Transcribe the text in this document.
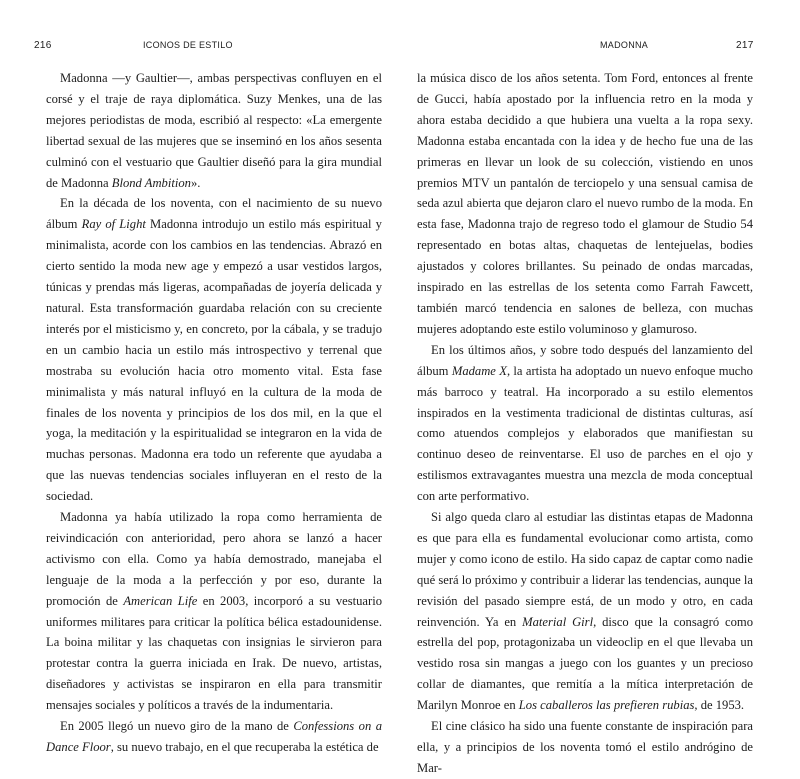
216	ICONOS DE ESTILO

Madonna —y Gaultier—, ambas perspectivas confluyen en el corsé y el traje de raya diplomática. Suzy Menkes, una de las mejores periodistas de moda, escribió al respecto: «La emergente libertad sexual de las mujeres que se inseminó en los años sesenta culminó con el vestuario que Gaultier diseñó para la gira mundial de Madonna Blond Ambition».

En la década de los noventa, con el nacimiento de su nuevo álbum Ray of Light Madonna introdujo un estilo más espiritual y minimalista, acorde con los cambios en las tendencias. Abrazó en cierto sentido la moda new age y empezó a usar vestidos largos, túnicas y prendas más ligeras, acompañadas de joyería delicada y natural. Esta transformación guardaba relación con su creciente interés por el misticismo y, en concreto, por la cábala, y se tradujo en un cambio hacia un estilo más introspectivo y terrenal que mostraba su evolución hacia otro momento vital. Esta fase minimalista y más natural influyó en la cultura de la moda de finales de los noventa y principios de los dos mil, en la que el yoga, la meditación y la espiritualidad se integraron en la vida de muchas personas. Madonna era todo un referente que ayudaba a que las nuevas tendencias sociales influyeran en el resto de la sociedad.

Madonna ya había utilizado la ropa como herramienta de reivindicación con anterioridad, pero ahora se lanzó a hacer activismo con ella. Como ya había demostrado, manejaba el lenguaje de la moda a la perfección y por eso, durante la promoción de American Life en 2003, incorporó a su vestuario uniformes militares para criticar la política bélica estadounidense. La boina militar y las chaquetas con insignias le sirvieron para protestar contra la guerra iniciada en Irak. De nuevo, artistas, diseñadores y activistas se inspiraron en ella para transmitir mensajes sociales y políticos a través de la indumentaria.

En 2005 llegó un nuevo giro de la mano de Confessions on a Dance Floor, su nuevo trabajo, en el que recuperaba la estética de

MADONNA	217

la música disco de los años setenta. Tom Ford, entonces al frente de Gucci, había apostado por la influencia retro en la moda y ahora estaba decidido a que hubiera una vuelta a la ropa sexy. Madonna estaba encantada con la idea y de hecho fue una de las primeras en llevar un look de su colección, vistiendo en unos premios MTV un pantalón de terciopelo y una sensual camisa de seda azul abierta que dejaron claro el nuevo rumbo de la moda. En esta fase, Madonna trajo de regreso todo el glamour de Studio 54 representado en botas altas, chaquetas de lentejuelas, bodies ajustados y colores brillantes. Su peinado de ondas marcadas, inspirado en las estrellas de los setenta como Farrah Fawcett, también marcó tendencia en salones de belleza, con muchas mujeres adoptando este estilo voluminoso y glamuroso.

En los últimos años, y sobre todo después del lanzamiento del álbum Madame X, la artista ha adoptado un nuevo enfoque mucho más barroco y teatral. Ha incorporado a su estilo elementos inspirados en la vestimenta tradicional de distintas culturas, así como atuendos complejos y elaborados que manifiestan su continuo deseo de reinventarse. El uso de parches en el ojo y estilismos extravagantes muestra una mezcla de moda conceptual con arte performativo.

Si algo queda claro al estudiar las distintas etapas de Madonna es que para ella es fundamental evolucionar como artista, como mujer y como icono de estilo. Ha sido capaz de captar como nadie qué será lo próximo y contribuir a liderar las tendencias, aunque la revisión del pasado siempre está, de un modo y otro, en cada reinvención. Ya en Material Girl, disco que la consagró como estrella del pop, protagonizaba un videoclip en el que llevaba un vestido rosa sin mangas a juego con los guantes y un precioso collar de diamantes, que remitía a la mítica interpretación de Marilyn Monroe en Los caballeros las prefieren rubias, de 1953.

El cine clásico ha sido una fuente constante de inspiración para ella, y a principios de los noventa tomó el estilo andrógino de Mar-
